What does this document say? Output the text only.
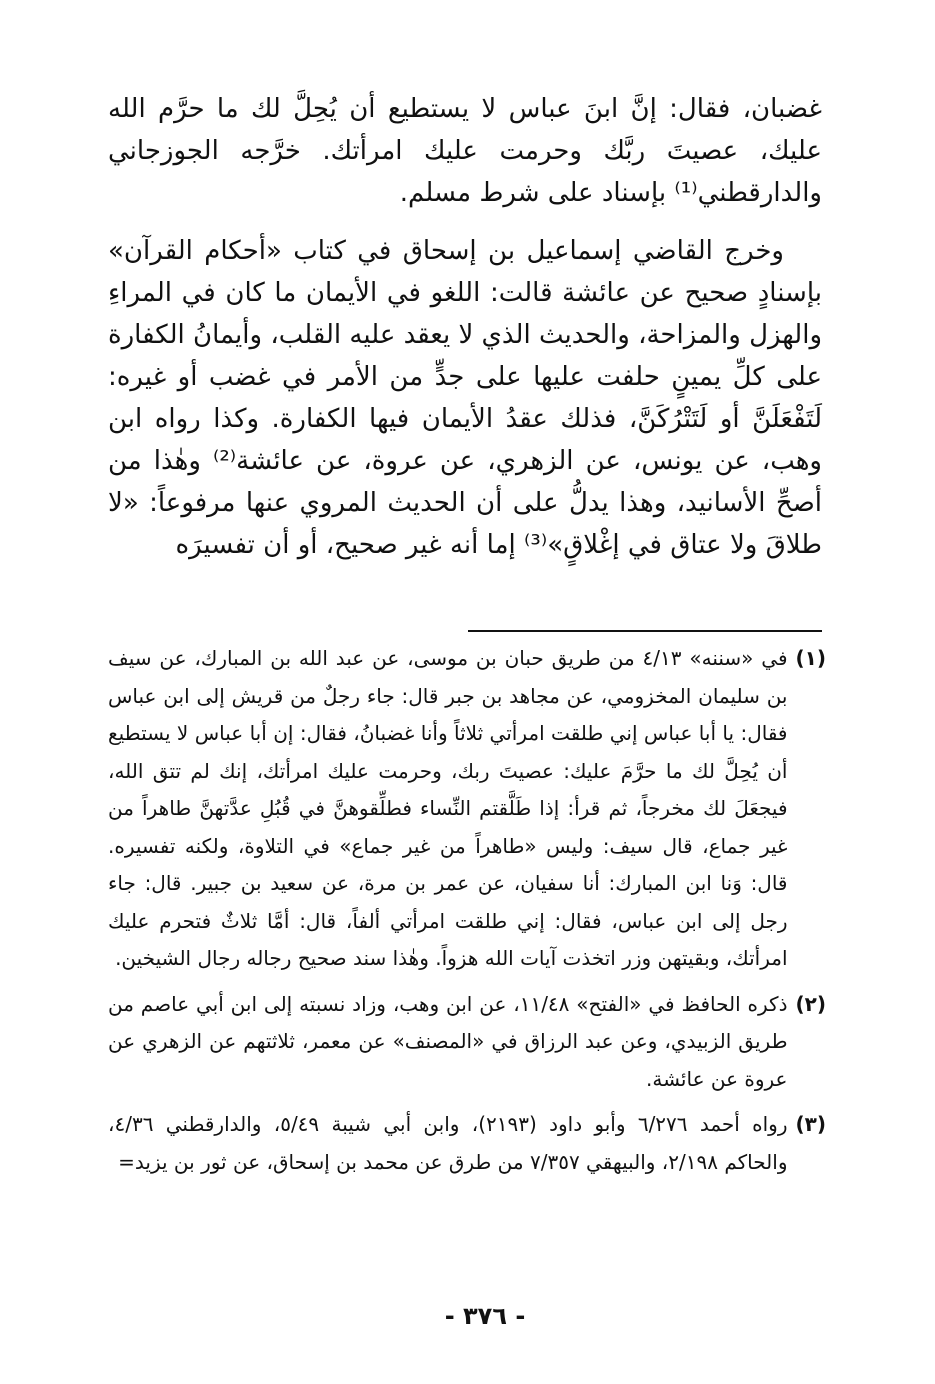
غضبان، فقال: إنَّ ابنَ عباس لا يستطيع أن يُحِلَّ لك ما حرَّم الله عليك، عصيتَ ربَّك وحرمت عليك امرأتك. خرَّجه الجوزجاني والدارقطني⁽¹⁾ بإسناد على شرط مسلم.

وخرج القاضي إسماعيل بن إسحاق في كتاب «أحكام القرآن» بإسنادٍ صحيح عن عائشة قالت: اللغو في الأيمان ما كان في المراءِ والهزل والمزاحة، والحديث الذي لا يعقد عليه القلب، وأيمانُ الكفارة على كلِّ يمينٍ حلفت عليها على جدٍّ من الأمر في غضب أو غيره: لَتَفْعَلَنَّ أو لَتَتْرُكَنَّ، فذلك عقدُ الأيمان فيها الكفارة. وكذا رواه ابن وهب، عن يونس، عن الزهري، عن عروة، عن عائشة⁽²⁾ وهٰذا من أصحِّ الأسانيد، وهذا يدلُّ على أن الحديث المروي عنها مرفوعاً: «لا طلاقَ ولا عتاق في إغْلاقٍ»⁽³⁾ إما أنه غير صحيح، أو أن تفسيرَه

(١)
في «سننه» ٤/١٣ من طريق حبان بن موسى، عن عبد الله بن المبارك، عن سيف بن سليمان المخزومي، عن مجاهد بن جبر قال: جاء رجلٌ من قريش إلى ابن عباس فقال: يا أبا عباس إني طلقت امرأتي ثلاثاً وأنا غضبانُ، فقال: إن أبا عباس لا يستطيع أن يُحِلَّ لك ما حرَّمَ عليك: عصيتَ ربك، وحرمت عليك امرأتك، إنك لم تتق الله، فيجعَلَ لك مخرجاً، ثم قرأ: إذا طَلَّقتم النِّساء فطلِّقوهنَّ في قُبُلِ عدَّتهنَّ طاهراً من غير جماع، قال سيف: وليس «طاهراً من غير جماع» في التلاوة، ولكنه تفسيره. قال: وَنا ابن المبارك: أنا سفيان، عن عمر بن مرة، عن سعيد بن جبير. قال: جاء رجل إلى ابن عباس، فقال: إني طلقت امرأتي ألفاً، قال: أمَّا ثلاثٌ فتحرم عليك امرأتك، وبقيتهن وزر اتخذت آيات الله هزواً. وهٰذا سند صحيح رجاله رجال الشيخين.
(٢)
ذكره الحافظ في «الفتح» ١١/٤٨، عن ابن وهب، وزاد نسبته إلى ابن أبي عاصم من طريق الزبيدي، وعن عبد الرزاق في «المصنف» عن معمر، ثلاثتهم عن الزهري عن عروة عن عائشة.
(٣)
رواه أحمد ٦/٢٧٦ وأبو داود (٢١٩٣)، وابن أبي شيبة ٥/٤٩، والدارقطني ٤/٣٦، والحاكم ٢/١٩٨، والبيهقي ٧/٣٥٧ من طرق عن محمد بن إسحاق، عن ثور بن يزيد=
- ٣٧٦ -
